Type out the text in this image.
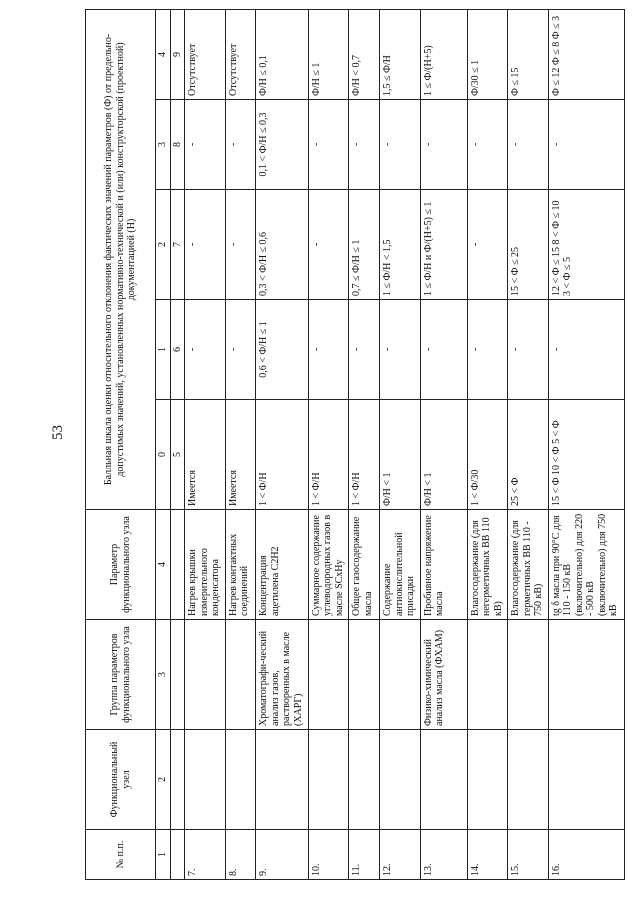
53
№ п.п.	Функциональный узел	Группа параметров функционального узла	Параметр функционального узла	Балльная шкала оценки относительного отклонения фактических значений параметров (Ф) от предельно-допустимых значений, установленных нормативно-технической и (или) конструкторской (проектной) документацией (Н)				

1	2	3	4	0	1	2	3	4
				5	6	7	8	9
7.			Нагрев крышки измерительного конденсатора	Имеется	-	-	-	Отсутствует
8.			Нагрев контактных соединений	Имеется	-	-	-	Отсутствует
9.		Хроматографи-ческий анализ газов, растворенных в масле (ХАРГ)	Концентрация ацетилена С2Н2	1 < Ф/Н	0,6 < Ф/Н ≤ 1	0,3 < Ф/Н ≤ 0,6	0,1 < Ф/Н ≤ 0,3	Ф/Н ≤ 0,1
10.			Суммарное содержание углеводородных газов в масле SCxHy	1 < Ф/Н	-	-	-	Ф/Н ≤ 1
11.			Общее газосодержание масла	1 < Ф/Н	-	0,7 ≤ Ф/Н ≤ 1	-	Ф/Н < 0,7
12.			Содержание антиокислительной присадки	Ф/Н < 1	-	1 ≤ Ф/Н < 1,5	-	1,5 ≤ Ф/Н
13.		Физико-химический анализ масла (ФХАМ)	Пробивное напряжение масла	Ф/Н < 1	-	1 ≤ Ф/Н и Ф/(Н+5) ≤ 1	-	1 ≤ Ф/(Н+5)
14.			Влагосодержание (для негерметичных ВВ 110 кВ)	1 < Ф/30	-	-	-	Ф/30 ≤ 1
15.			Влагосодержание (для герметичных ВВ 110 - 750 кВ)	25 < Ф	-	15 < Ф ≤ 25	-	Ф ≤ 15
16.			tg δ масла при 90°С для 110 - 150 кВ (включительно) для 220 - 500 кВ (включительно) для 750 кВ	15 < Ф 10 < Ф 5 < Ф	-	12 < Ф ≤ 15 8 < Ф ≤ 10 3 < Ф ≤ 5	-	Ф ≤ 12 Ф ≤ 8 Ф ≤ 3
